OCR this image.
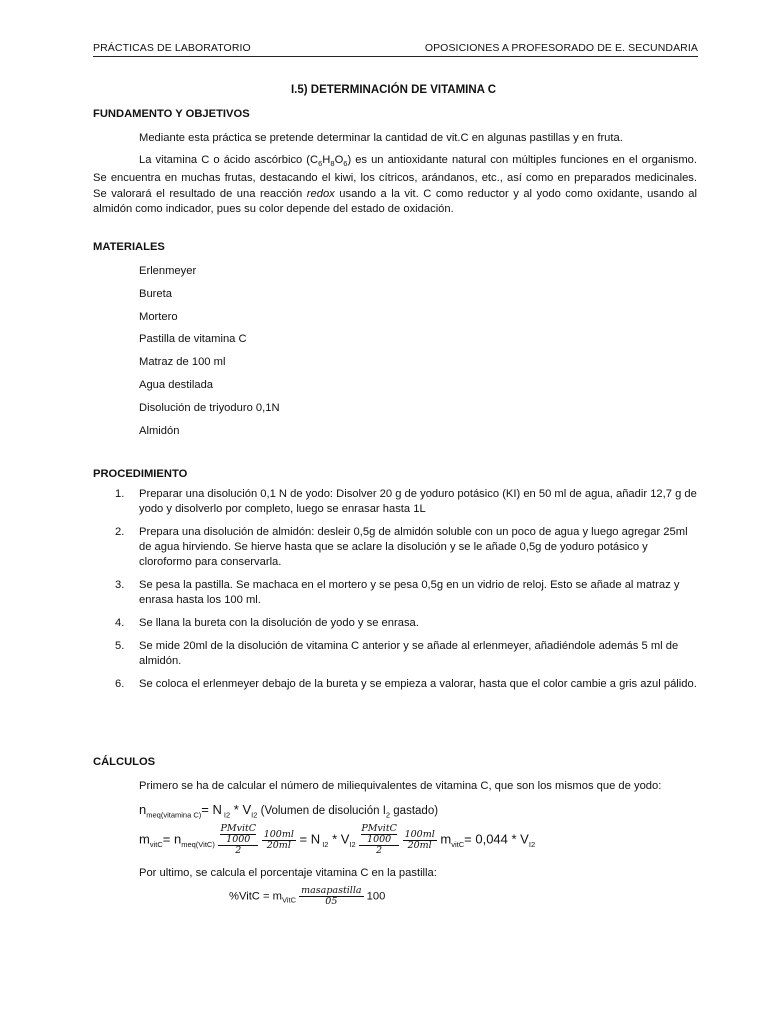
PRÁCTICAS DE LABORATORIO	OPOSICIONES A PROFESORADO DE E. SECUNDARIA
I.5) DETERMINACIÓN DE VITAMINA C
FUNDAMENTO Y OBJETIVOS
Mediante esta práctica se pretende determinar la cantidad de vit.C en algunas pastillas y en fruta.
La vitamina C o ácido ascórbico $(C_6H_8O_6)$ es un antioxidante natural con múltiples funciones en el organismo. Se encuentra en muchas frutas, destacando el kiwi, los cítricos, arándanos, etc., así como en preparados medicinales. Se valorará el resultado de una reacción redox usando a la vit. C como reductor y al yodo como oxidante, usando al almidón como indicador, pues su color depende del estado de oxidación.
MATERIALES
Erlenmeyer
Bureta
Mortero
Pastilla de vitamina C
Matraz de 100 ml
Agua destilada
Disolución de triyoduro 0,1N
Almidón
PROCEDIMIENTO
1. Preparar una disolución 0,1 N de yodo: Disolver 20 g de yoduro potásico (KI) en 50 ml de agua, añadir 12,7 g de yodo y disolverlo por completo, luego se enrasar hasta 1L
2. Prepara una disolución de almidón: desleir 0,5g de almidón soluble con un poco de agua y luego agregar 25ml de agua hirviendo. Se hierve hasta que se aclare la disolución y se le añade 0,5g de yoduro potásico y cloroformo para conservarla.
3. Se pesa la pastilla. Se machaca en el mortero y se pesa 0,5g en un vidrio de reloj. Esto se añade al matraz y enrasa hasta los 100 ml.
4. Se llana la bureta con la disolución de yodo y se enrasa.
5. Se mide 20ml de la disolución de vitamina C anterior y se añade al erlenmeyer, añadiéndole además 5 ml de almidón.
6. Se coloca el erlenmeyer debajo de la bureta y se empieza a valorar, hasta que el color cambie a gris azul pálido.
CÁLCULOS
Primero se ha de calcular el número de miliequivalentes de vitamina C, que son los mismos que de yodo:
$n_{meq(vitamina C)}= N$ $_{I2} * V_{I2}$ (Volumen de disolución $I_2$ gastado)
$m_{vitC}= n_{meq(VitC)}$ PMvitC
1000
2
$\frac{100ml}{20ml} = N$ $_{I2} * V_{I2}$ PMvitC
1000
2
$\frac{100ml}{20ml} m_{vitC}= 0,044 * V_{I2}$
Por ultimo, se calcula el porcentaje vitamina C en la pastilla:
%VitC = $m_{VitC} \frac{\text{masapastilla}}{05} 100$
